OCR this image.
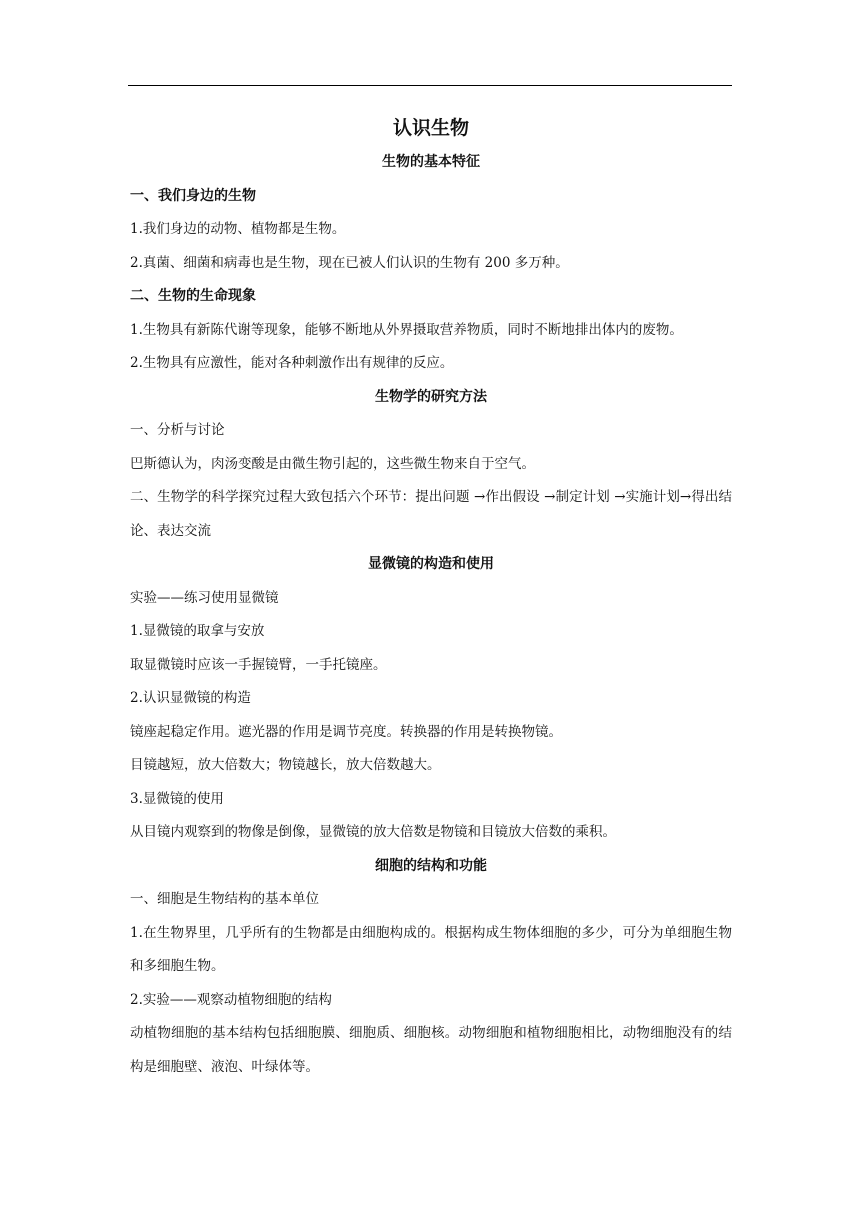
认识生物
生物的基本特征
一、我们身边的生物

1.我们身边的动物、植物都是生物。

2.真菌、细菌和病毒也是生物，现在已被人们认识的生物有 200 多万种。

二、生物的生命现象

1.生物具有新陈代谢等现象，能够不断地从外界摄取营养物质，同时不断地排出体内的废物。

2.生物具有应激性，能对各种刺激作出有规律的反应。

生物学的研究方法

一、分析与讨论

巴斯德认为，肉汤变酸是由微生物引起的，这些微生物来自于空气。

二、生物学的科学探究过程大致包括六个环节：提出问题 →作出假设 →制定计划 →实施计划→得出结论、表达交流

显微镜的构造和使用

实验——练习使用显微镜

1.显微镜的取拿与安放

取显微镜时应该一手握镜臂，一手托镜座。

2.认识显微镜的构造

镜座起稳定作用。遮光器的作用是调节亮度。转换器的作用是转换物镜。

目镜越短，放大倍数大；物镜越长，放大倍数越大。

3.显微镜的使用

从目镜内观察到的物像是倒像，显微镜的放大倍数是物镜和目镜放大倍数的乘积。

细胞的结构和功能

一、细胞是生物结构的基本单位

1.在生物界里，几乎所有的生物都是由细胞构成的。根据构成生物体细胞的多少，可分为单细胞生物和多细胞生物。

2.实验——观察动植物细胞的结构

动植物细胞的基本结构包括细胞膜、细胞质、细胞核。动物细胞和植物细胞相比，动物细胞没有的结构是细胞壁、液泡、叶绿体等。
